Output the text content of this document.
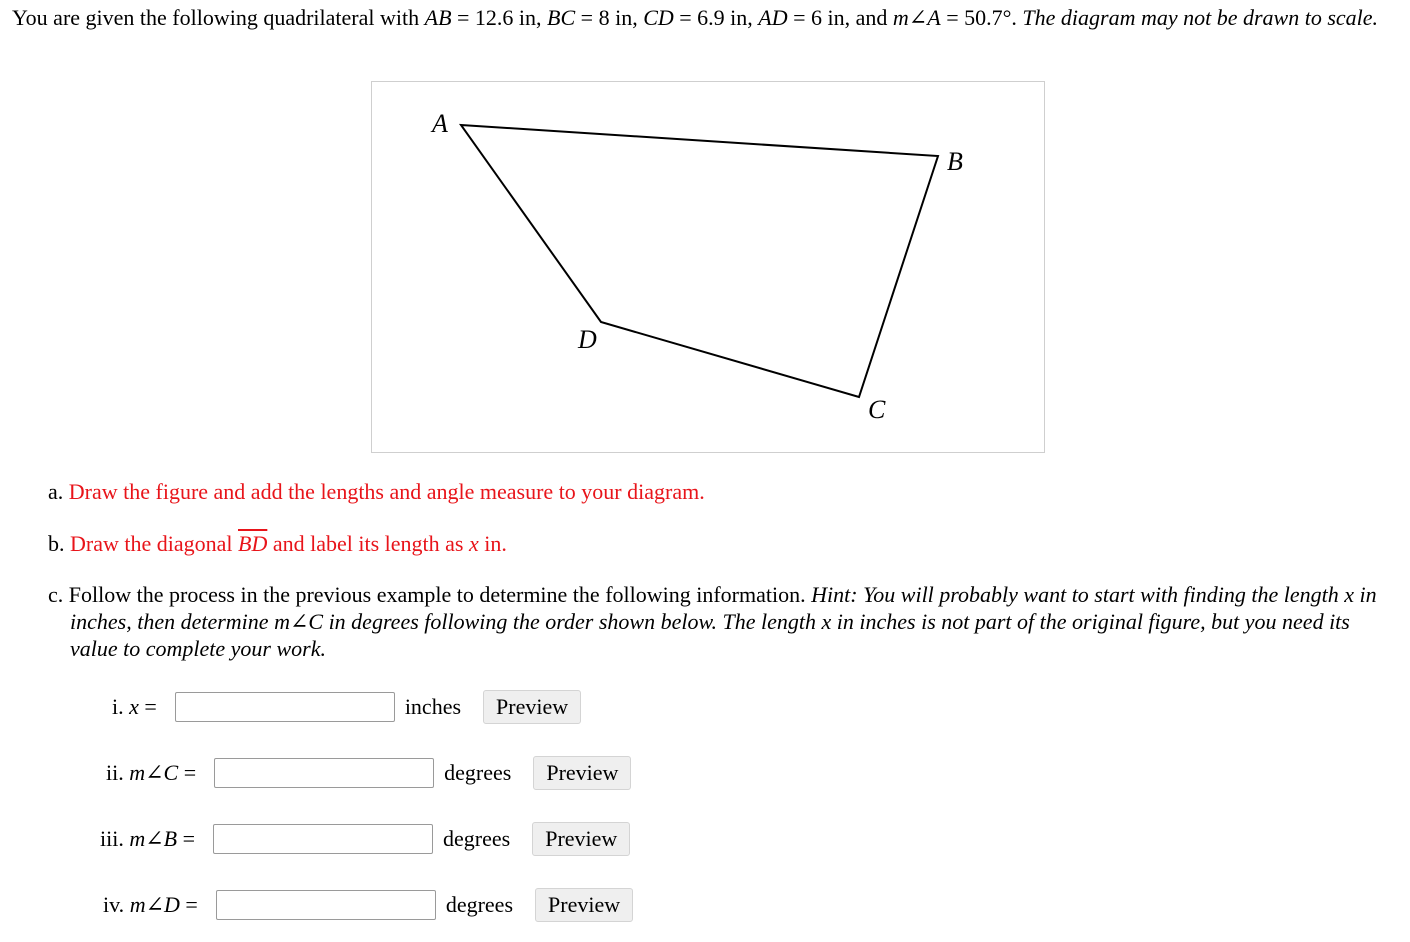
You are given the following quadrilateral with AB = 12.6 in, BC = 8 in, CD = 6.9 in, AD = 6 in, and m∠A = 50.7°. The diagram may not be drawn to scale.
A
B
C
D
a. Draw the figure and add the lengths and angle measure to your diagram.
b. Draw the diagonal $\overline{BD}$ and label its length as x in.
c. Follow the process in the previous example to determine the following information. Hint: You will probably want to start with finding the length x in inches, then determine m∠C in degrees following the order shown below. The length x in inches is not part of the original figure, but you need its value to complete your work.
i. x =	inches	Preview
ii. m∠C =	degrees	Preview
iii. m∠B =	degrees	Preview
iv. m∠D =	degrees	Preview
